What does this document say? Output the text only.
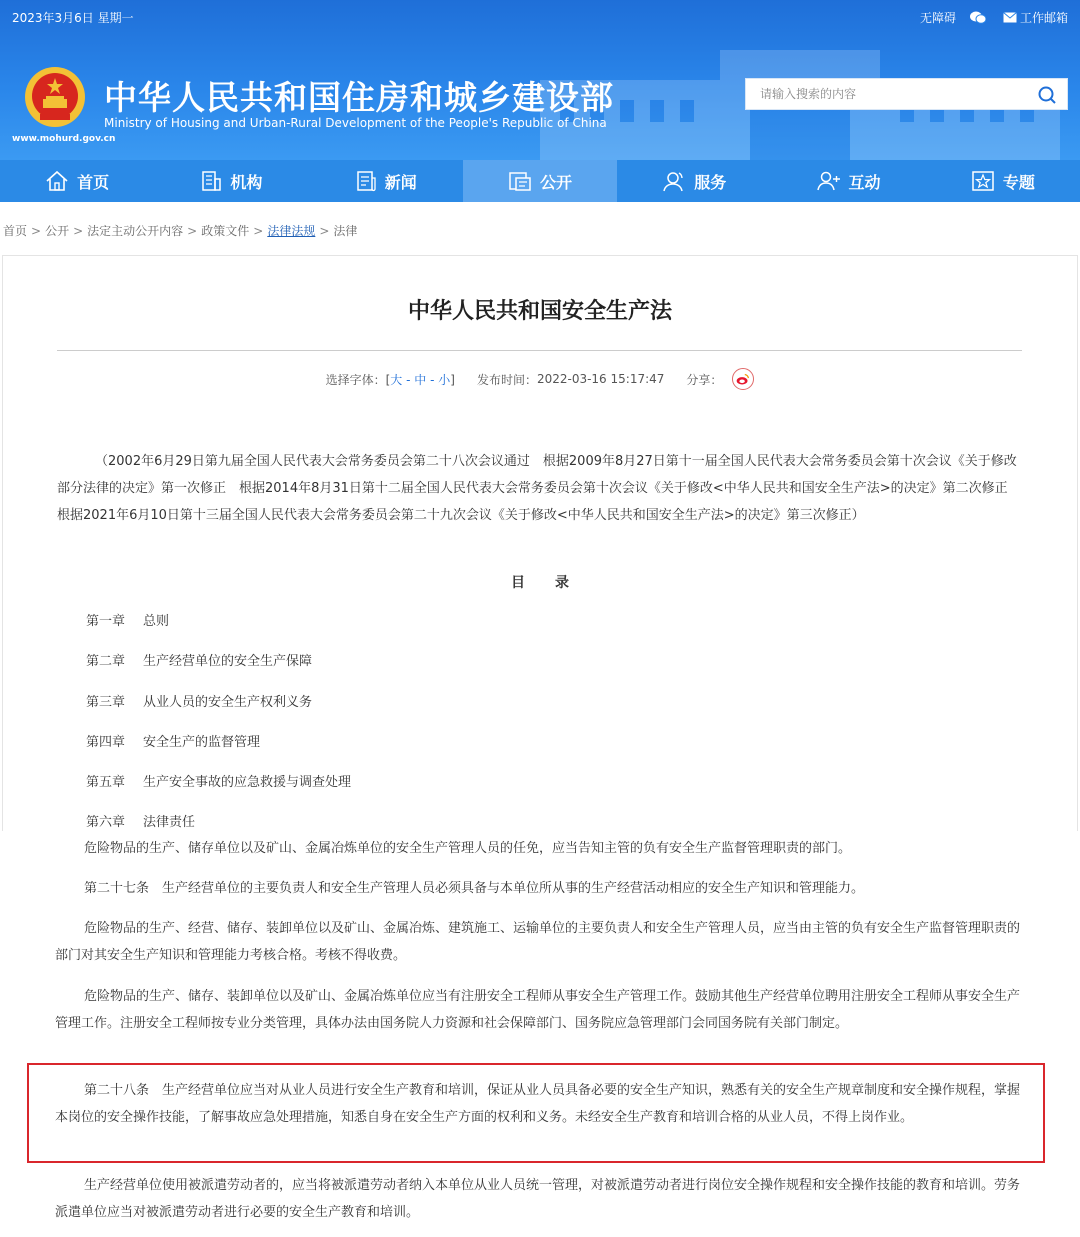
2023年3月6日 星期一	无障碍	工作邮箱
中华人民共和国住房和城乡建设部
Ministry of Housing and Urban-Rural Development of the People's Republic of China
www.mohurd.gov.cn
请输入搜索的内容
首页	机构	新闻	公开	服务	互动	专题
首页 > 公开 > 法定主动公开内容 > 政策文件 > 法律法规 > 法律
中华人民共和国安全生产法
选择字体：[大 - 中 - 小] 发布时间： 2022-03-16 15:17:47 分享：
（2002年6月29日第九届全国人民代表大会常务委员会第二十八次会议通过　根据2009年8月27日第十一届全国人民代表大会常务委员会第十次会议《关于修改部分法律的决定》第一次修正　根据2014年8月31日第十二届全国人民代表大会常务委员会第十次会议《关于修改<中华人民共和国安全生产法>的决定》第二次修正　根据2021年6月10日第十三届全国人民代表大会常务委员会第二十九次会议《关于修改<中华人民共和国安全生产法>的决定》第三次修正）
目录
第一章 总则
第二章 生产经营单位的安全生产保障
第三章 从业人员的安全生产权利义务
第四章 安全生产的监督管理
第五章 生产安全事故的应急救援与调查处理
第六章 法律责任
危险物品的生产、储存单位以及矿山、金属冶炼单位的安全生产管理人员的任免，应当告知主管的负有安全生产监督管理职责的部门。
第二十七条　生产经营单位的主要负责人和安全生产管理人员必须具备与本单位所从事的生产经营活动相应的安全生产知识和管理能力。
危险物品的生产、经营、储存、装卸单位以及矿山、金属冶炼、建筑施工、运输单位的主要负责人和安全生产管理人员，应当由主管的负有安全生产监督管理职责的部门对其安全生产知识和管理能力考核合格。考核不得收费。
危险物品的生产、储存、装卸单位以及矿山、金属冶炼单位应当有注册安全工程师从事安全生产管理工作。鼓励其他生产经营单位聘用注册安全工程师从事安全生产管理工作。注册安全工程师按专业分类管理，具体办法由国务院人力资源和社会保障部门、国务院应急管理部门会同国务院有关部门制定。
第二十八条　生产经营单位应当对从业人员进行安全生产教育和培训，保证从业人员具备必要的安全生产知识，熟悉有关的安全生产规章制度和安全操作规程，掌握本岗位的安全操作技能，了解事故应急处理措施，知悉自身在安全生产方面的权利和义务。未经安全生产教育和培训合格的从业人员，不得上岗作业。
生产经营单位使用被派遣劳动者的，应当将被派遣劳动者纳入本单位从业人员统一管理，对被派遣劳动者进行岗位安全操作规程和安全操作技能的教育和培训。劳务派遣单位应当对被派遣劳动者进行必要的安全生产教育和培训。
